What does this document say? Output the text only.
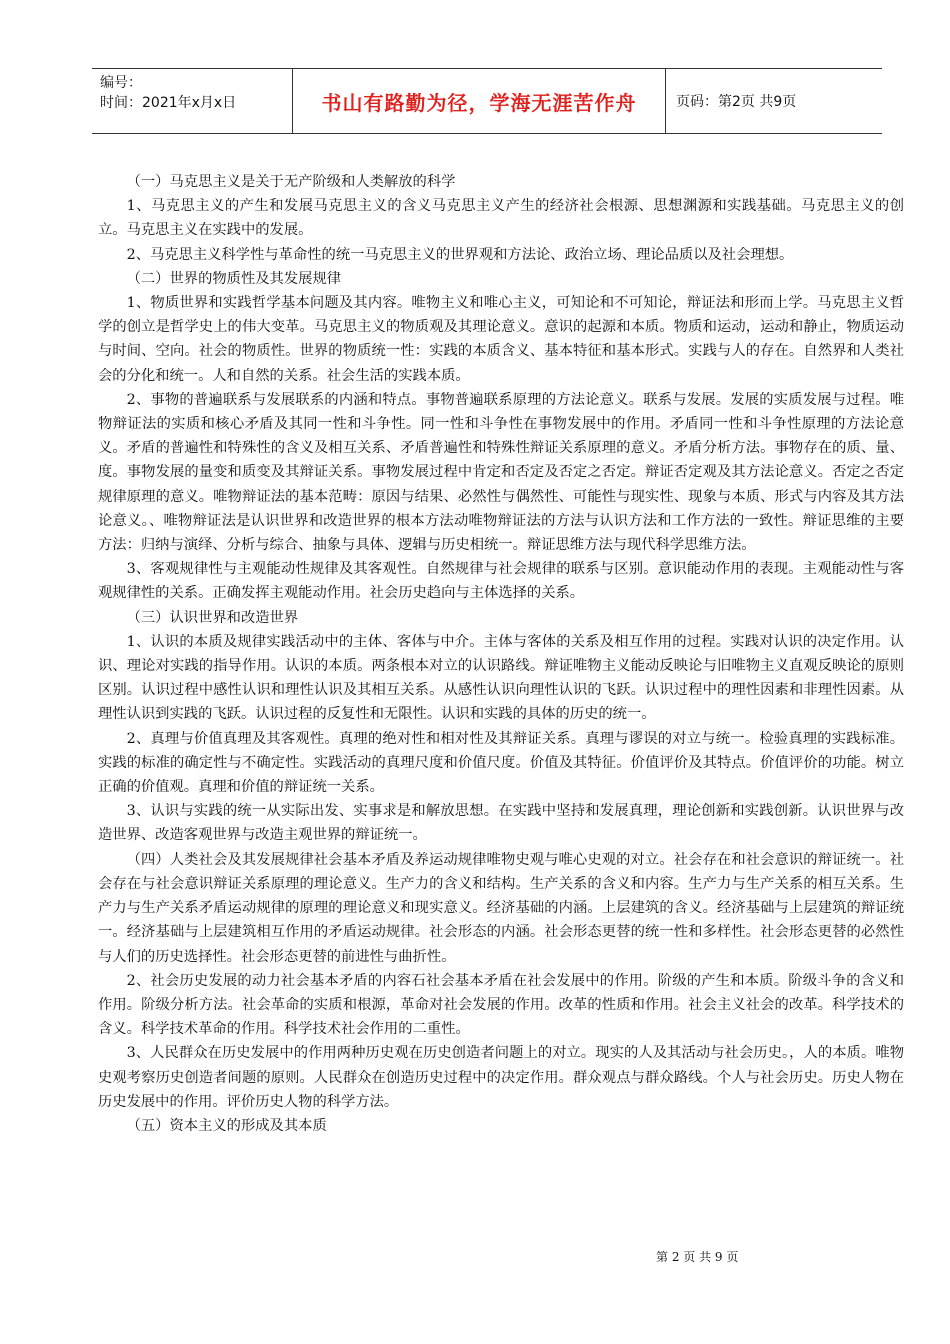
编号：
时间：2021年x月x日	书山有路勤为径，学海无涯苦作舟	页码：第2页 共9页

（一）马克思主义是关于无产阶级和人类解放的科学

1、马克思主义的产生和发展马克思主义的含义马克思主义产生的经济社会根源、思想渊源和实践基础。马克思主义的创立。马克思主义在实践中的发展。

2、马克思主义科学性与革命性的统一马克思主义的世界观和方法论、政治立场、理论品质以及社会理想。

（二）世界的物质性及其发展规律

1、物质世界和实践哲学基本问题及其内容。唯物主义和唯心主义，可知论和不可知论，辩证法和形而上学。马克思主义哲学的创立是哲学史上的伟大变革。马克思主义的物质观及其理论意义。意识的起源和本质。物质和运动，运动和静止，物质运动与时间、空向。社会的物质性。世界的物质统一性：实践的本质含义、基本特征和基本形式。实践与人的存在。自然界和人类社会的分化和统一。人和自然的关系。社会生活的实践本质。

2、事物的普遍联系与发展联系的内涵和特点。事物普遍联系原理的方法论意义。联系与发展。发展的实质发展与过程。唯物辩证法的实质和核心矛盾及其同一性和斗争性。同一性和斗争性在事物发展中的作用。矛盾同一性和斗争性原理的方法论意义。矛盾的普遍性和特殊性的含义及相互关系、矛盾普遍性和特殊性辩证关系原理的意义。矛盾分析方法。事物存在的质、量、度。事物发展的量变和质变及其辩证关系。事物发展过程中肯定和否定及否定之否定。辩证否定观及其方法论意义。否定之否定规律原理的意义。唯物辩证法的基本范畴：原因与结果、必然性与偶然性、可能性与现实性、现象与本质、形式与内容及其方法论意义。、唯物辩证法是认识世界和改造世界的根本方法动唯物辩证法的方法与认识方法和工作方法的一致性。辩证思维的主要方法：归纳与演绎、分析与综合、抽象与具体、逻辑与历史相统一。辩证思维方法与现代科学思维方法。

3、客观规律性与主观能动性规律及其客观性。自然规律与社会规律的联系与区别。意识能动作用的表现。主观能动性与客观规律性的关系。正确发挥主观能动作用。社会历史趋向与主体选择的关系。

（三）认识世界和改造世界

1、认识的本质及规律实践活动中的主体、客体与中介。主体与客体的关系及相互作用的过程。实践对认识的决定作用。认识、理论对实践的指导作用。认识的本质。两条根本对立的认识路线。辩证唯物主义能动反映论与旧唯物主义直观反映论的原则区别。认识过程中感性认识和理性认识及其相互关系。从感性认识向理性认识的飞跃。认识过程中的理性因素和非理性因素。从理性认识到实践的飞跃。认识过程的反复性和无限性。认识和实践的具体的历史的统一。

2、真理与价值真理及其客观性。真理的绝对性和相对性及其辩证关系。真理与谬误的对立与统一。检验真理的实践标准。实践的标准的确定性与不确定性。实践活动的真理尺度和价值尺度。价值及其特征。价值评价及其特点。价值评价的功能。树立正确的价值观。真理和价值的辩证统一关系。

3、认识与实践的统一从实际出发、实事求是和解放思想。在实践中坚持和发展真理，理论创新和实践创新。认识世界与改造世界、改造客观世界与改造主观世界的辩证统一。

（四）人类社会及其发展规律社会基本矛盾及养运动规律唯物史观与唯心史观的对立。社会存在和社会意识的辩证统一。社会存在与社会意识辩证关系原理的理论意义。生产力的含义和结构。生产关系的含义和内容。生产力与生产关系的相互关系。生产力与生产关系矛盾运动规律的原理的理论意义和现实意义。经济基础的内涵。上层建筑的含义。经济基础与上层建筑的辩证统一。经济基础与上层建筑相互作用的矛盾运动规律。社会形态的内涵。社会形态更替的统一性和多样性。社会形态更替的必然性与人们的历史选择性。社会形态更替的前进性与曲折性。

2、社会历史发展的动力社会基本矛盾的内容石社会基本矛盾在社会发展中的作用。阶级的产生和本质。阶级斗争的含义和作用。阶级分析方法。社会革命的实质和根源，革命对社会发展的作用。改革的性质和作用。社会主义社会的改革。科学技术的含义。科学技术革命的作用。科学技术社会作用的二重性。

3、人民群众在历史发展中的作用两种历史观在历史创造者问题上的对立。现实的人及其活动与社会历史。，人的本质。唯物史观考察历史创造者间题的原则。人民群众在创造历史过程中的决定作用。群众观点与群众路线。个人与社会历史。历史人物在历史发展中的作用。评价历史人物的科学方法。

（五）资本主义的形成及其本质

第 2 页 共 9 页
